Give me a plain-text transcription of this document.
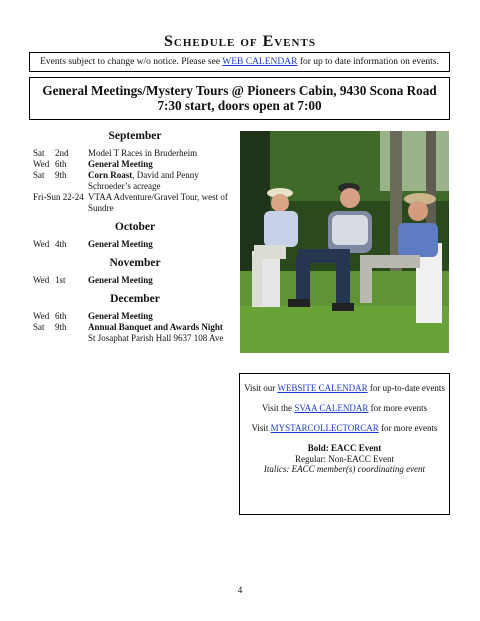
Schedule of Events
Events subject to change w/o notice. Please see WEB CALENDAR for up to date information on events.
General Meetings/Mystery Tours @ Pioneers Cabin, 9430 Scona Road
7:30 start, doors open at 7:00
September
Sat	2nd	Model T Races in Bruderheim
Wed 6th	General Meeting
Sat	9th	Corn Roast, David and Penny Schroeder’s acreage
Fri-Sun 22-24 VTAA Adventure/Gravel Tour, west of Sundre
October
Wed 4th	General Meeting
November
Wed 1st	General Meeting
December
Wed 6th	General Meeting
Sat	9th	Annual Banquet and Awards Night
St Josaphat Parish Hall 9637 108 Ave

Visit our WEBSITE CALENDAR for up-to-date events

Visit the SVAA CALENDAR for more events

Visit MYSTARCOLLECTORCAR for more events

Bold: EACC Event

Regular: Non-EACC Event

Italics: EACC member(s) coordinating event

4
